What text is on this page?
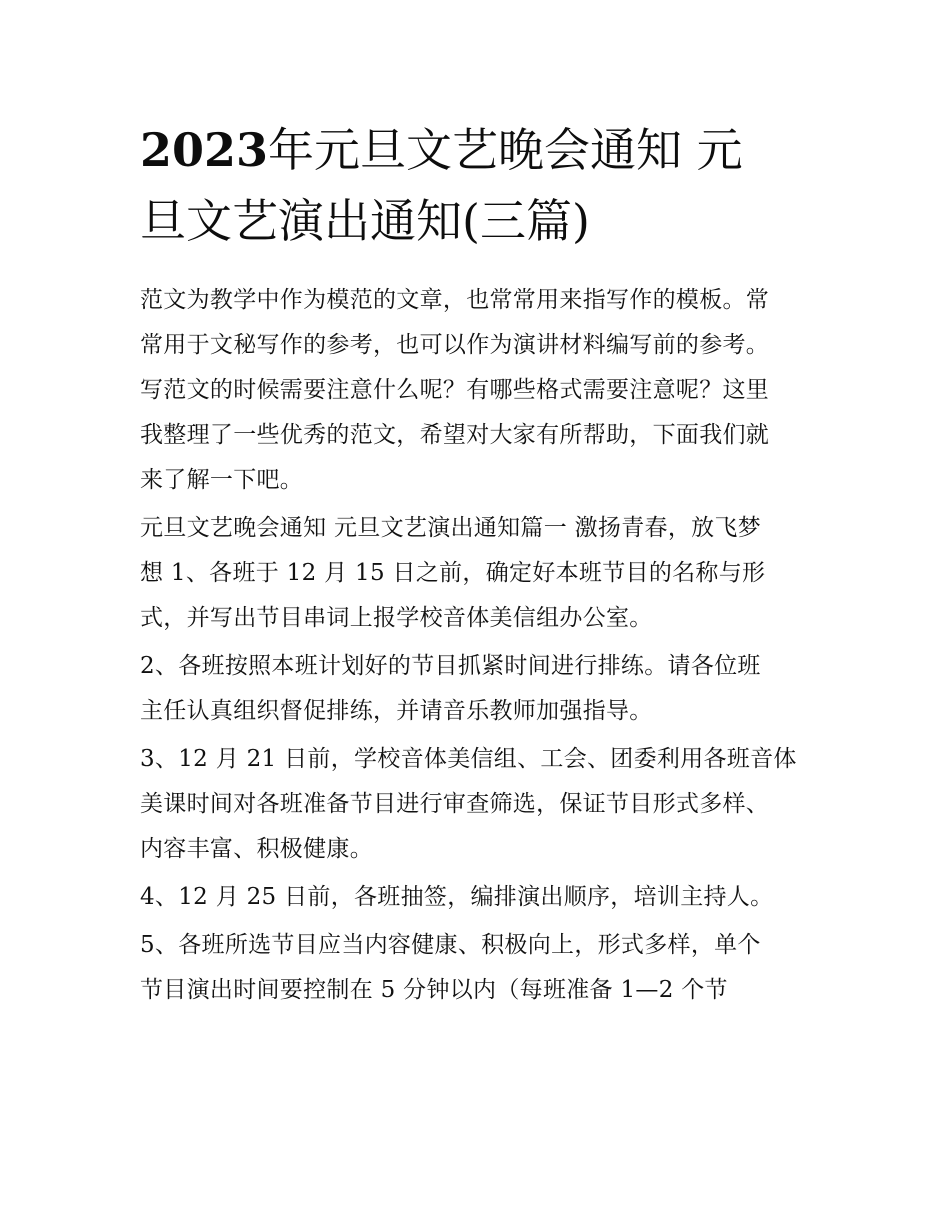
2023年元旦文艺晚会通知 元
旦文艺演出通知(三篇)

范文为教学中作为模范的文章，也常常用来指写作的模板。常
常用于文秘写作的参考，也可以作为演讲材料编写前的参考。
写范文的时候需要注意什么呢？有哪些格式需要注意呢？这里
我整理了一些优秀的范文，希望对大家有所帮助，下面我们就
来了解一下吧。

元旦文艺晚会通知 元旦文艺演出通知篇一 激扬青春，放飞梦
想 1、各班于 12 月 15 日之前，确定好本班节目的名称与形
式，并写出节目串词上报学校音体美信组办公室。

2、各班按照本班计划好的节目抓紧时间进行排练。请各位班
主任认真组织督促排练，并请音乐教师加强指导。

3、12 月 21 日前，学校音体美信组、工会、团委利用各班音体
美课时间对各班准备节目进行审查筛选，保证节目形式多样、
内容丰富、积极健康。

4、12 月 25 日前，各班抽签，编排演出顺序，培训主持人。

5、各班所选节目应当内容健康、积极向上，形式多样，单个
节目演出时间要控制在 5 分钟以内（每班准备 1—2 个节
